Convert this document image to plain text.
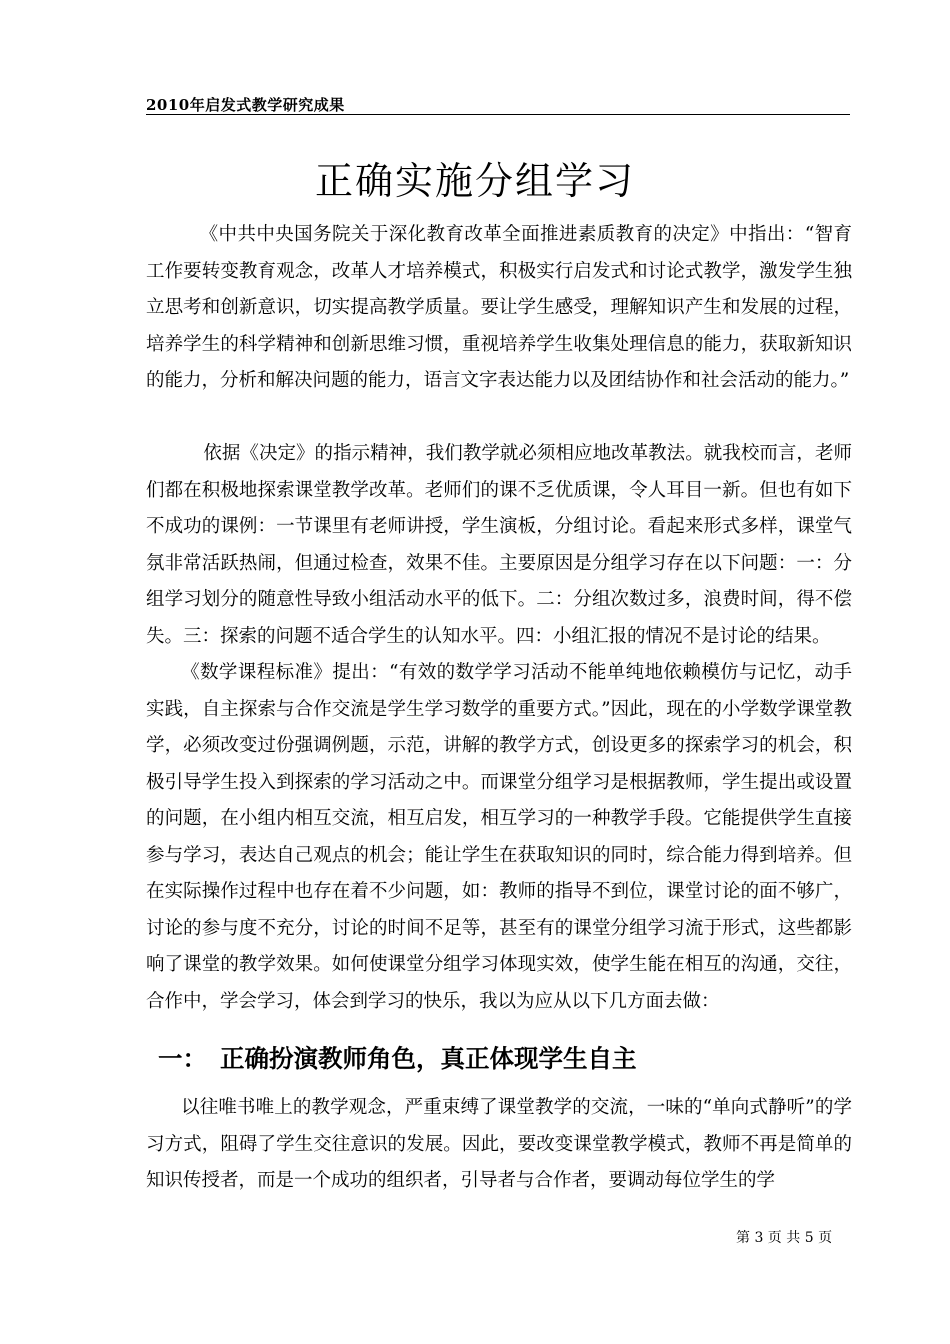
2010年启发式教学研究成果
正确实施分组学习

《中共中央国务院关于深化教育改革全面推进素质教育的决定》中指出：“智育工作要转变教育观念，改革人才培养模式，积极实行启发式和讨论式教学，激发学生独立思考和创新意识，切实提高教学质量。要让学生感受，理解知识产生和发展的过程，培养学生的科学精神和创新思维习惯，重视培养学生收集处理信息的能力，获取新知识的能力，分析和解决问题的能力，语言文字表达能力以及团结协作和社会活动的能力。”

依据《决定》的指示精神，我们教学就必须相应地改革教法。就我校而言，老师们都在积极地探索课堂教学改革。老师们的课不乏优质课，令人耳目一新。但也有如下不成功的课例：一节课里有老师讲授，学生演板，分组讨论。看起来形式多样，课堂气氛非常活跃热闹，但通过检查，效果不佳。主要原因是分组学习存在以下问题：一：分组学习划分的随意性导致小组活动水平的低下。二：分组次数过多，浪费时间，得不偿失。三：探索的问题不适合学生的认知水平。四：小组汇报的情况不是讨论的结果。

《数学课程标准》提出：“有效的数学学习活动不能单纯地依赖模仿与记忆，动手实践，自主探索与合作交流是学生学习数学的重要方式。”因此，现在的小学数学课堂教学，必须改变过份强调例题，示范，讲解的教学方式，创设更多的探索学习的机会，积极引导学生投入到探索的学习活动之中。而课堂分组学习是根据教师，学生提出或设置的问题，在小组内相互交流，相互启发，相互学习的一种教学手段。它能提供学生直接参与学习，表达自己观点的机会；能让学生在获取知识的同时，综合能力得到培养。但在实际操作过程中也存在着不少问题，如：教师的指导不到位，课堂讨论的面不够广，讨论的参与度不充分，讨论的时间不足等，甚至有的课堂分组学习流于形式，这些都影响了课堂的教学效果。如何使课堂分组学习体现实效，使学生能在相互的沟通，交往，合作中，学会学习，体会到学习的快乐，我以为应从以下几方面去做：

一： 正确扮演教师角色，真正体现学生自主

以往唯书唯上的教学观念，严重束缚了课堂教学的交流，一味的“单向式静听”的学习方式，阻碍了学生交往意识的发展。因此，要改变课堂教学模式，教师不再是简单的知识传授者，而是一个成功的组织者，引导者与合作者，要调动每位学生的学

第 3 页 共 5 页
